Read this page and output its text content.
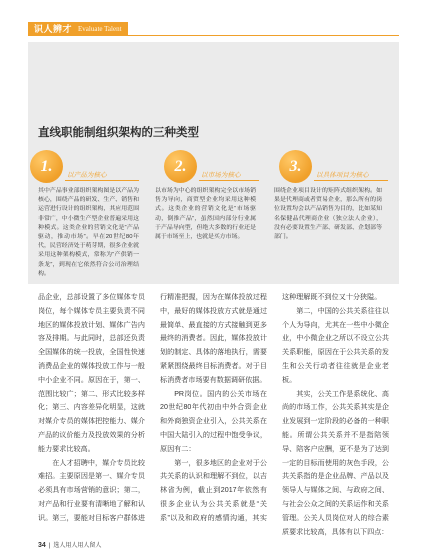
识人辨才 Evaluate Talent
直线职能制组织架构的三种类型
1.
以产品为核心

其中产品事业部组织架构图是以产品为核心，围绕产品的研发、生产、销售和运营进行设计的组织架构，其应用范围非常广，中小微生产型企业普遍采用这种模式。这类企业的营销文化是“产品驱动，推动市场”。早在20世纪80年代，民营经济处于萌芽期，很多企业就采用这种架构模式，常称为“产供销一条龙”，到现在它依然符合公司治理结构。

2.
以市场为核心

以市场为中心的组织架构完全以市场销售为导向，商贸型企业均采用这种模式。这类企业的营销文化是“市场驱动，倒推产品”，虽然国内部分行业属于产品导向型，但绝大多数的行业还是属于市场至上，也就是买方市场。

3.
以具体项目为核心

围绕企业项目设计的矩阵式组织架构。如果是代理商或者贸易企业，那么所有的岗位设置均会以产品销售为目的，比如某知名保健品代理商企业（独立法人企业），没有必要设置生产部、研发部、企划部等部门。

品企业，总部设置了多位媒体专员岗位，每个媒体专员主要负责不同地区的媒体投放计划、媒体广告内容及排期。与此同时，总部还负责全国媒体的统一投放，全国性快速消费品企业的媒体投放工作与一般中小企业不同。原因在于，第一、范围比较广；第二、形式比较多样化；第三、内容差异化明显，这就对媒介专员的媒体把控能力、媒介产品的议价能力及投放效果的分析能力要求比较高。

在人才招聘中，媒介专员比较难招。主要原因是第一、媒介专员必须具有市场营销的意识；第二，对产品和行业要有清晰地了解和认识。第三，要能对目标客户群体进

行精准把握，因为在媒体投放过程中，最好的媒体投放方式就是通过最简单、最直接的方式接触到更多最终的消费者。因此，媒体投放计划的制定、具体的落地执行，需要紧紧围绕最终目标消费者。对于目标消费者市场要有数据调研依据。

PR岗位。国内的公关市场在20世纪80年代初由中外合资企业和外商独资企业引入，公共关系在中国大陆引入的过程中饱受争议，原因有二：

第一，很多地区的企业对于公共关系的认识和理解不到位，以吉林省为例，截止到2017年依然有很多企业认为公共关系就是“关系”以及和政府的感情沟通，其实

这种理解既不到位又十分狭隘。

第二，中国的公共关系往往以个人为导向，尤其在一些中小微企业，中小微企业之所以不设立公共关系职能，原因在于公共关系的发生和公关行动者往往就是企业老板。

其实，公关工作是系统化、高尚的市场工作，公共关系其实是企业发展到一定阶段的必备的一种职能。所谓公共关系并不是指陪领导、陪客户应酬，更不是为了达到一定的目标而使用的灰色手段，公共关系指的是企业品牌、产品以及领导人与媒体之间、与政府之间、与社会公众之间的关系运作和关系管理。公关人员岗位对人的综合素质要求比较高，具体有以下四点：

34 | 选人用人用人留人
